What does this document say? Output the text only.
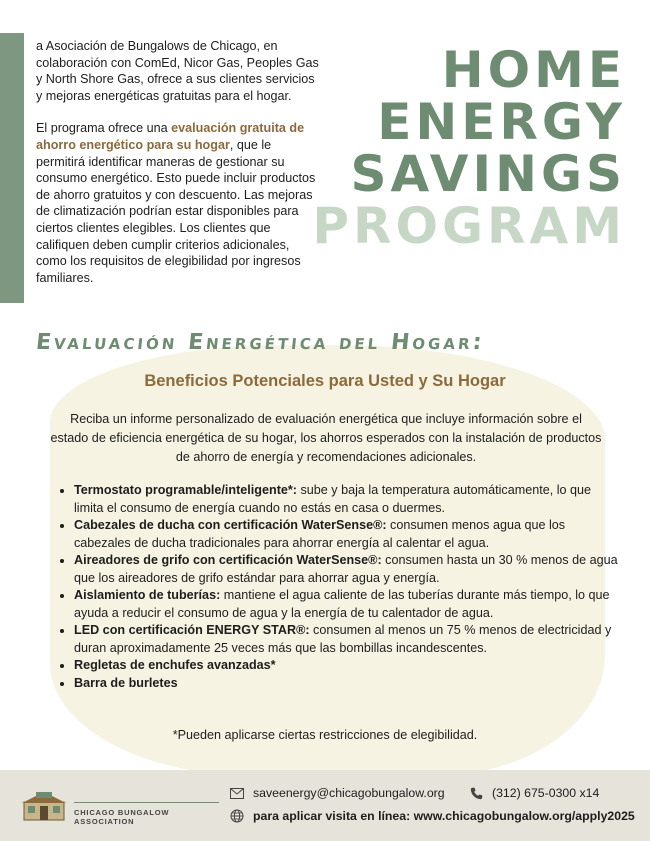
a Asociación de Bungalows de Chicago, en colaboración con ComEd, Nicor Gas, Peoples Gas y North Shore Gas, ofrece a sus clientes servicios y mejoras energéticas gratuitas para el hogar.

El programa ofrece una evaluación gratuita de ahorro energético para su hogar, que le permitirá identificar maneras de gestionar su consumo energético. Esto puede incluir productos de ahorro gratuitos y con descuento. Las mejoras de climatización podrían estar disponibles para ciertos clientes elegibles. Los clientes que califiquen deben cumplir criterios adicionales, como los requisitos de elegibilidad por ingresos familiares.

HOME
ENERGY
SAVINGS
PROGRAM
Evaluación Energética del Hogar:
Beneficios Potenciales para Usted y Su Hogar
Reciba un informe personalizado de evaluación energética que incluye información sobre el estado de eficiencia energética de su hogar, los ahorros esperados con la instalación de productos de ahorro de energía y recomendaciones adicionales.
• Termostato programable/inteligente*: sube y baja la temperatura automáticamente, lo que limita el consumo de energía cuando no estás en casa o duermes.
• Cabezales de ducha con certificación WaterSense®: consumen menos agua que los cabezales de ducha tradicionales para ahorrar energía al calentar el agua.
• Aireadores de grifo con certificación WaterSense®: consumen hasta un 30 % menos de agua que los aireadores de grifo estándar para ahorrar agua y energía.
• Aislamiento de tuberías: mantiene el agua caliente de las tuberías durante más tiempo, lo que ayuda a reducir el consumo de agua y la energía de tu calentador de agua.
• LED con certificación ENERGY STAR®: consumen al menos un 75 % menos de electricidad y duran aproximadamente 25 veces más que las bombillas incandescentes.
• Regletas de enchufes avanzadas*
• Barra de burletes
*Pueden aplicarse ciertas restricciones de elegibilidad.
CHICAGO BUNGALOW ASSOCIATION
saveenergy@chicagobungalow.org	(312) 675-0300 x14
para aplicar visita en línea: www.chicagobungalow.org/apply2025
